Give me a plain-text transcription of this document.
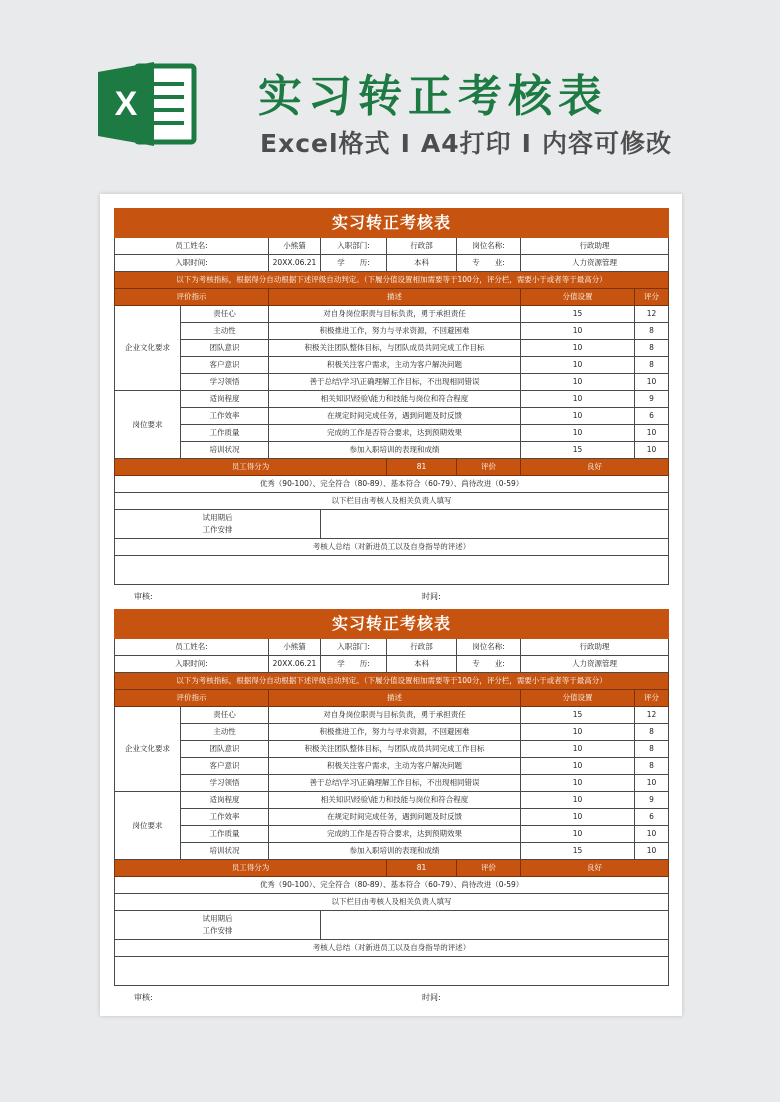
X	实习转正考核表
Excel格式 I A4打印 I 内容可修改
实习转正考核表							
员工姓名:		小熊猫	入职部门:	行政部	岗位名称:	行政助理	
入职时间:		20XX.06.21	学　　历:	本科	专　　业:	人力资源管理	
以下为考核指标，根据得分自动根据下述评级自动判定。（下履分值设置相加需要等于100分，评分栏，需要小于或者等于最高分）							
评价指示		描述				分值设置	评分
企业文化要求	责任心	对自身岗位职责与目标负责，勇于承担责任				15	12
	主动性	积极推进工作，努力与寻求资源，不回避困难				10	8
	团队意识	积极关注团队整体目标，与团队成员共同完成工作目标				10	8
	客户意识	积极关注客户需求，主动为客户解决问题				10	8
	学习领悟	善于总结\学习\正确理解工作目标，不出现相同错误				10	10
岗位要求	适岗程度	相关知识\经验\能力和技能与岗位和符合程度				10	9
	工作效率	在规定时间完成任务，遇到问题及时反馈				10	6
	工作质量	完成的工作是否符合要求，达到预期效果				10	10
	培训状况	参加入职培训的表现和成绩				15	10
员工得分为				81	评价	良好	
优秀（90-100）、完全符合（80-89）、基本符合（60-79）、尚待改进（0-59）							
以下栏目由考核人及相关负责人填写							
试用期后
工作安排							
考核人总结（对新进员工以及自身指导的评述）							

审核:	时间:
实习转正考核表							
员工姓名:		小熊猫	入职部门:	行政部	岗位名称:	行政助理	
入职时间:		20XX.06.21	学　　历:	本科	专　　业:	人力资源管理	
以下为考核指标，根据得分自动根据下述评级自动判定。（下履分值设置相加需要等于100分，评分栏，需要小于或者等于最高分）							
评价指示		描述				分值设置	评分
企业文化要求	责任心	对自身岗位职责与目标负责，勇于承担责任				15	12
	主动性	积极推进工作，努力与寻求资源，不回避困难				10	8
	团队意识	积极关注团队整体目标，与团队成员共同完成工作目标				10	8
	客户意识	积极关注客户需求，主动为客户解决问题				10	8
	学习领悟	善于总结\学习\正确理解工作目标，不出现相同错误				10	10
岗位要求	适岗程度	相关知识\经验\能力和技能与岗位和符合程度				10	9
	工作效率	在规定时间完成任务，遇到问题及时反馈				10	6
	工作质量	完成的工作是否符合要求，达到预期效果				10	10
	培训状况	参加入职培训的表现和成绩				15	10
员工得分为				81	评价	良好	
优秀（90-100）、完全符合（80-89）、基本符合（60-79）、尚待改进（0-59）							
以下栏目由考核人及相关负责人填写							
试用期后
工作安排							
考核人总结（对新进员工以及自身指导的评述）							

审核:	时间:
